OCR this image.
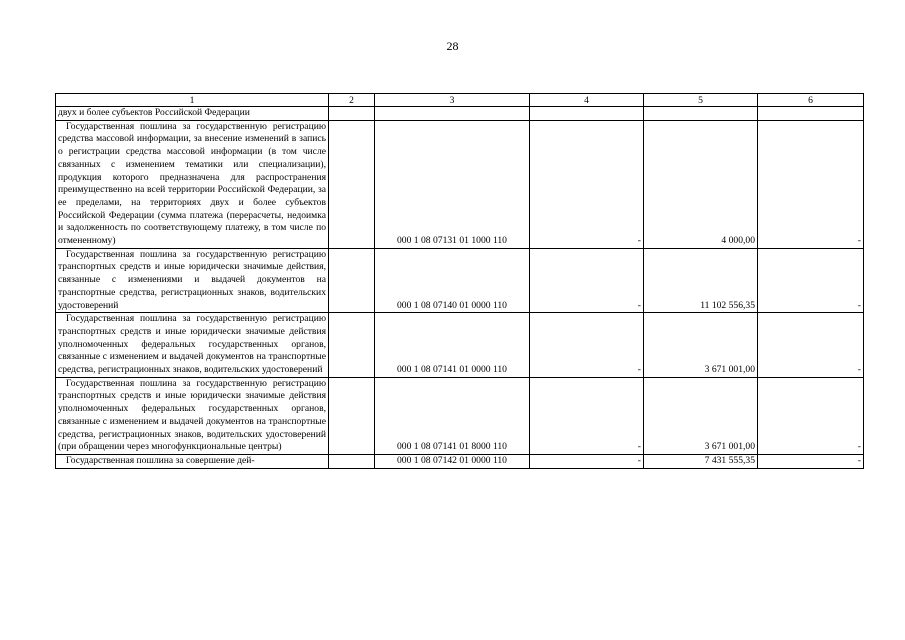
28
1	2	3	4	5	6
двух и более субъектов Российской Федерации					
Государственная пошлина за государственную регистрацию средства массовой информации, за внесение изменений в запись о регистрации средства массовой информации (в том числе связанных с изменением тематики или специализации), продукция которого предназначена для распространения преимущественно на всей территории Российской Федерации, за ее пределами, на территориях двух и более субъектов Российской Федерации (сумма платежа (перерасчеты, недоимка и задолженность по соответствующему платежу, в том числе по отмененному)		000 1 08 07131 01 1000 110	-	4 000,00	-
Государственная пошлина за государственную регистрацию транспортных средств и иные юридически значимые действия, связанные с изменениями и выдачей документов на транспортные средства, регистрационных знаков, водительских удостоверений		000 1 08 07140 01 0000 110	-	11 102 556,35	-
Государственная пошлина за государственную регистрацию транспортных средств и иные юридически значимые действия уполномоченных федеральных государственных органов, связанные с изменением и выдачей документов на транспортные средства, регистрационных знаков, водительских удостоверений		000 1 08 07141 01 0000 110	-	3 671 001,00	-
Государственная пошлина за государственную регистрацию транспортных средств и иные юридически значимые действия уполномоченных федеральных государственных органов, связанные с изменением и выдачей документов на транспортные средства, регистрационных знаков, водительских удостоверений (при обращении через многофункциональные центры)		000 1 08 07141 01 8000 110	-	3 671 001,00	-
Государственная пошлина за совершение дей-		000 1 08 07142 01 0000 110	-	7 431 555,35	-
